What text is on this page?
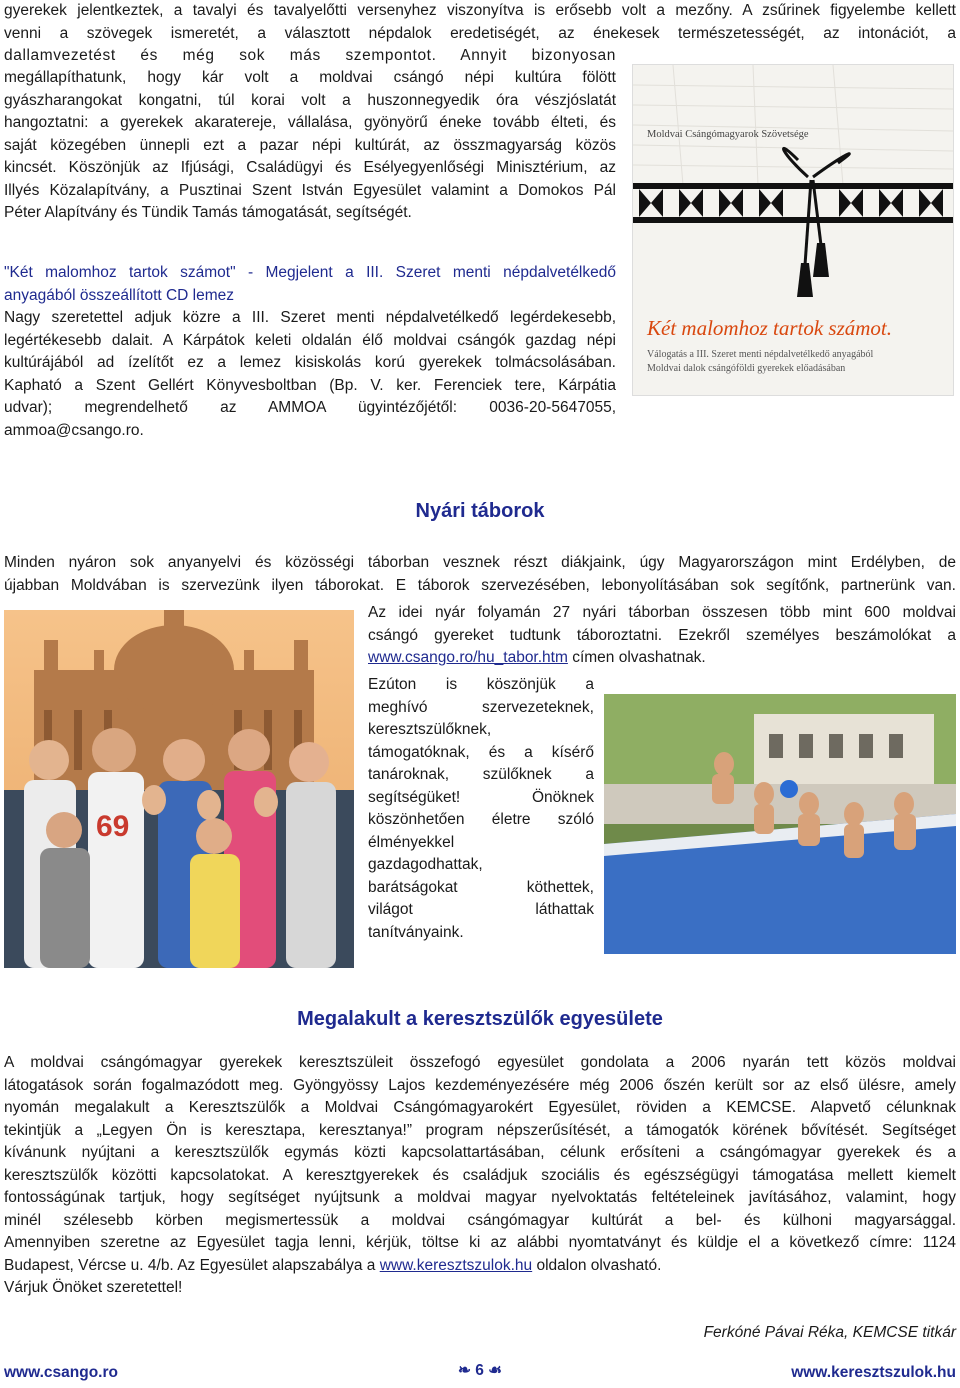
gyerekek jelentkeztek, a tavalyi és tavalyelőtti versenyhez viszonyítva is erősebb volt a mezőny. A zsűrinek figyelembe kellett
venni a szövegek ismeretét, a választott népdalok eredetiségét, az énekesek természetességét, az intonációt, a
dallamvezetést és még sok más szempontot. Annyit bizonyosan
megállapíthatunk, hogy kár volt a moldvai csángó népi kultúra fölött
gyászharangokat kongatni, túl korai volt a huszonnegyedik óra vészjóslatát
hangoztatni: a gyerekek akaratereje, vállalása, gyönyörű éneke tovább élteti, és
saját közegében ünnepli ezt a pazar népi kultúrát, az összmagyarság közös
kincsét. Köszönjük az Ifjúsági, Családügyi és Esélyegyenlőségi Minisztérium, az
Illyés Közalapítvány, a Pusztinai Szent István Egyesület valamint a Domokos Pál
Péter Alapítvány és Tündik Tamás támogatását, segítségét.
Moldvai Csángómagyarok Szövetsége
Két malomhoz tartok számot.
Válogatás a III. Szeret menti népdalvetélkedő anyagából
Moldvai dalok csángóföldi gyerekek előadásában
"Két malomhoz tartok számot" - Megjelent a III. Szeret menti népdalvetélkedő
anyagából összeállított CD lemez
Nagy szeretettel adjuk közre a III. Szeret menti népdalvetélkedő legérdekesebb,
legértékesebb dalait. A Kárpátok keleti oldalán élő moldvai csángók gazdag népi
kultúrájából ad ízelítőt ez a lemez kisiskolás korú gyerekek tolmácsolásában.
Kapható a Szent Gellért Könyvesboltban (Bp. V. ker. Ferenciek tere, Kárpátia
udvar); megrendelhető az AMMOA ügyintézőjétől: 0036-20-5647055,
ammoa@csango.ro.
Nyári táborok
Minden nyáron sok anyanyelvi és közösségi táborban vesznek részt diákjaink, úgy Magyarországon mint Erdélyben, de
újabban Moldvában is szervezünk ilyen táborokat. E táborok szervezésében, lebonyolításában sok segítőnk, partnerünk van.
69
Az idei nyár folyamán 27 nyári táborban összesen több mint 600 moldvai
csángó gyereket tudtunk táboroztatni. Ezekről személyes beszámolókat a
www.csango.ro/hu_tabor.htm címen olvashatnak.
Ezúton is köszönjük a
meghívó szervezeteknek,
keresztszülőknek,
támogatóknak, és a kísérő
tanároknak, szülőknek a
segítségüket! Önöknek
köszönhetően életre szóló
élményekkel
gazdagodhattak,
barátságokat köthettek,
világot láthattak
tanítványaink.
Megalakult a keresztszülők egyesülete
A moldvai csángómagyar gyerekek keresztszüleit összefogó egyesület gondolata a 2006 nyarán tett közös moldvai
látogatások során fogalmazódott meg. Gyöngyössy Lajos kezdeményezésére még 2006 őszén került sor az első ülésre, amely
nyomán megalakult a Keresztszülők a Moldvai Csángómagyarokért Egyesület, röviden a KEMCSE. Alapvető célunknak
tekintjük a „Legyen Ön is keresztapa, keresztanya!” program népszerűsítését, a támogatók körének bővítését. Segítséget
kívánunk nyújtani a keresztszülők egymás közti kapcsolattartásában, célunk erősíteni a csángómagyar gyerekek és a
keresztszülők közötti kapcsolatokat. A keresztgyerekek és családjuk szociális és egészségügyi támogatása mellett kiemelt
fontosságúnak tartjuk, hogy segítséget nyújtsunk a moldvai magyar nyelvoktatás feltételeinek javításához, valamint, hogy
minél szélesebb körben megismertessük a moldvai csángómagyar kultúrát a bel- és külhoni magyarsággal.
Amennyiben szeretne az Egyesület tagja lenni, kérjük, töltse ki az alábbi nyomtatványt és küldje el a következő címre: 1124
Budapest, Vércse u. 4/b. Az Egyesület alapszabálya a www.keresztszulok.hu oldalon olvasható.
Várjuk Önöket szeretettel!
Ferkóné Pávai Réka, KEMCSE titkár
www.csango.ro	❧ 6 ☙	www.keresztszulok.hu
